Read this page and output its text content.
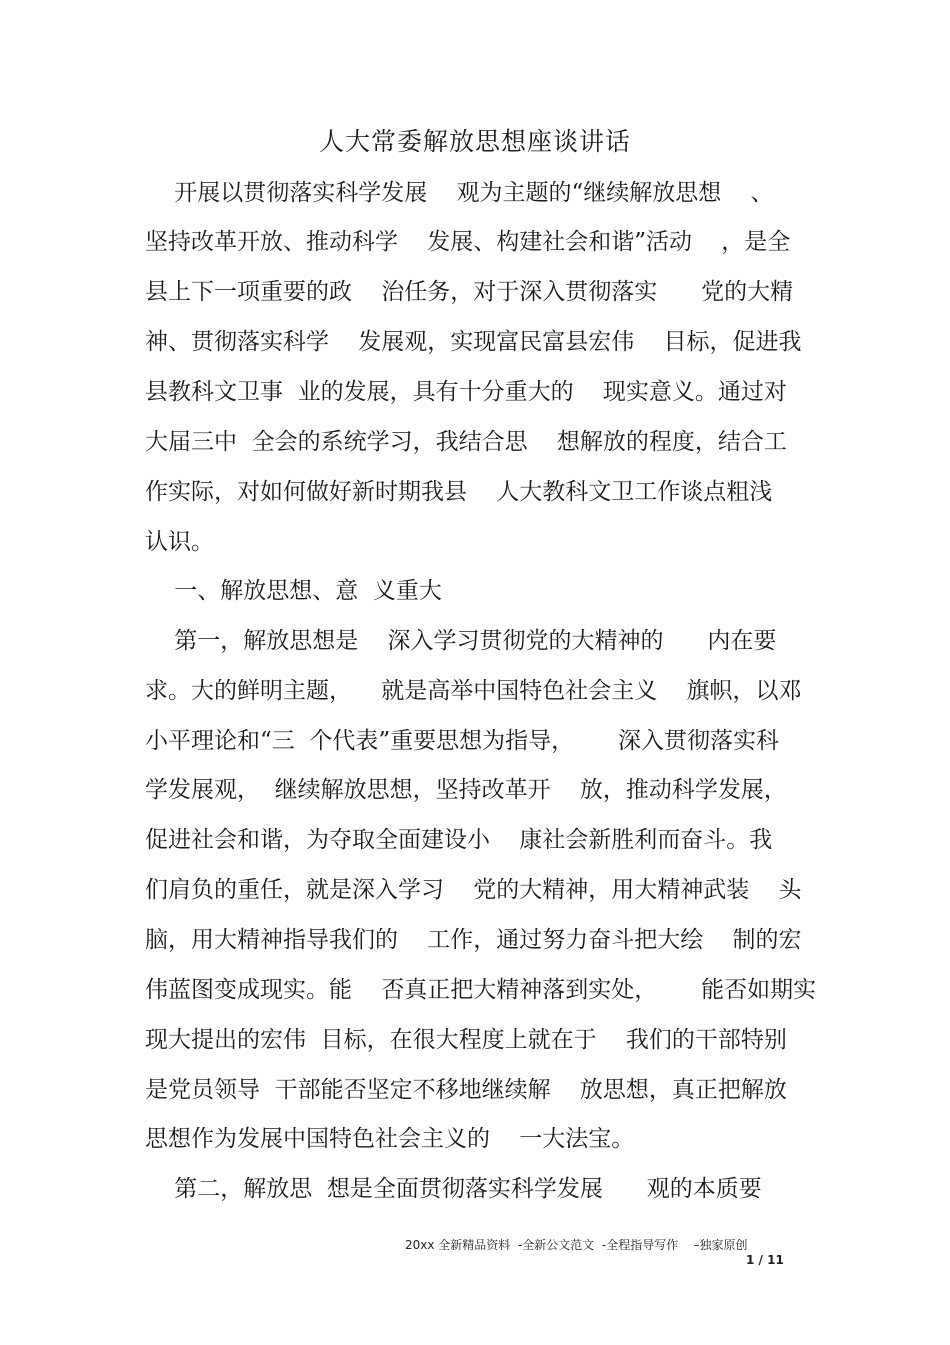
人大常委解放思想座谈讲话
开展以贯彻落实科学发展    观为主题的“继续解放思想    、
坚持改革开放、推动科学    发展、构建社会和谐”活动    ，是全
县上下一项重要的政    治任务，对于深入贯彻落实      党的大精
神、贯彻落实科学    发展观，实现富民富县宏伟    目标，促进我
县教科文卫事  业的发展，具有十分重大的    现实意义。通过对
大届三中  全会的系统学习，我结合思    想解放的程度，结合工
作实际，对如何做好新时期我县    人大教科文卫工作谈点粗浅
认识。
一、解放思想、意  义重大
第一，解放思想是    深入学习贯彻党的大精神的      内在要
求。大的鲜明主题，    就是高举中国特色社会主义    旗帜，以邓
小平理论和“三  个代表”重要思想为指导，      深入贯彻落实科
学发展观，  继续解放思想，坚持改革开    放，推动科学发展，
促进社会和谐，为夺取全面建设小    康社会新胜利而奋斗。我
们肩负的重任，就是深入学习    党的大精神，用大精神武装    头
脑，用大精神指导我们的    工作，通过努力奋斗把大绘    制的宏
伟蓝图变成现实。能    否真正把大精神落到实处，      能否如期实
现大提出的宏伟  目标，在很大程度上就在于    我们的干部特别
是党员领导  干部能否坚定不移地继续解    放思想，真正把解放
思想作为发展中国特色社会主义的    一大法宝。
第二，解放思  想是全面贯彻落实科学发展      观的本质要
20xx 全新精品资料  -全新公文范文  -全程指导写作    –独家原创
1 / 11
